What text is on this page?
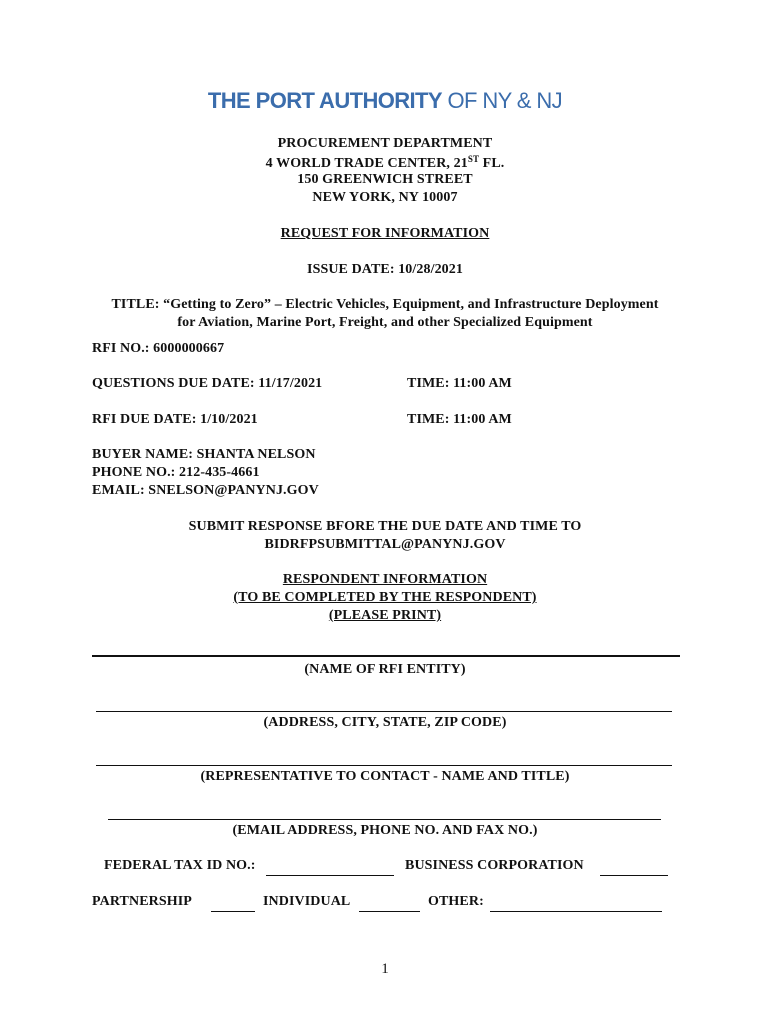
THE PORT AUTHORITY OF NY & NJ
PROCUREMENT DEPARTMENT
4 WORLD TRADE CENTER, 21ST FL.
150 GREENWICH STREET
NEW YORK, NY 10007
REQUEST FOR INFORMATION
ISSUE DATE: 10/28/2021
TITLE: “Getting to Zero” – Electric Vehicles, Equipment, and Infrastructure Deployment
for Aviation, Marine Port, Freight, and other Specialized Equipment
RFI NO.: 6000000667
QUESTIONS DUE DATE: 11/17/2021	TIME: 11:00 AM
RFI DUE DATE: 1/10/2021	TIME: 11:00 AM
BUYER NAME: SHANTA NELSON
PHONE NO.: 212-435-4661
EMAIL: SNELSON@PANYNJ.GOV
SUBMIT RESPONSE BFORE THE DUE DATE AND TIME TO
BIDRFPSUBMITTAL@PANYNJ.GOV
RESPONDENT INFORMATION
(TO BE COMPLETED BY THE RESPONDENT)
(PLEASE PRINT)
(NAME OF RFI ENTITY)
(ADDRESS, CITY, STATE, ZIP CODE)
(REPRESENTATIVE TO CONTACT - NAME AND TITLE)
(EMAIL ADDRESS, PHONE NO. AND FAX NO.)
FEDERAL TAX ID NO.:	BUSINESS CORPORATION
PARTNERSHIP	INDIVIDUAL	OTHER:
1
